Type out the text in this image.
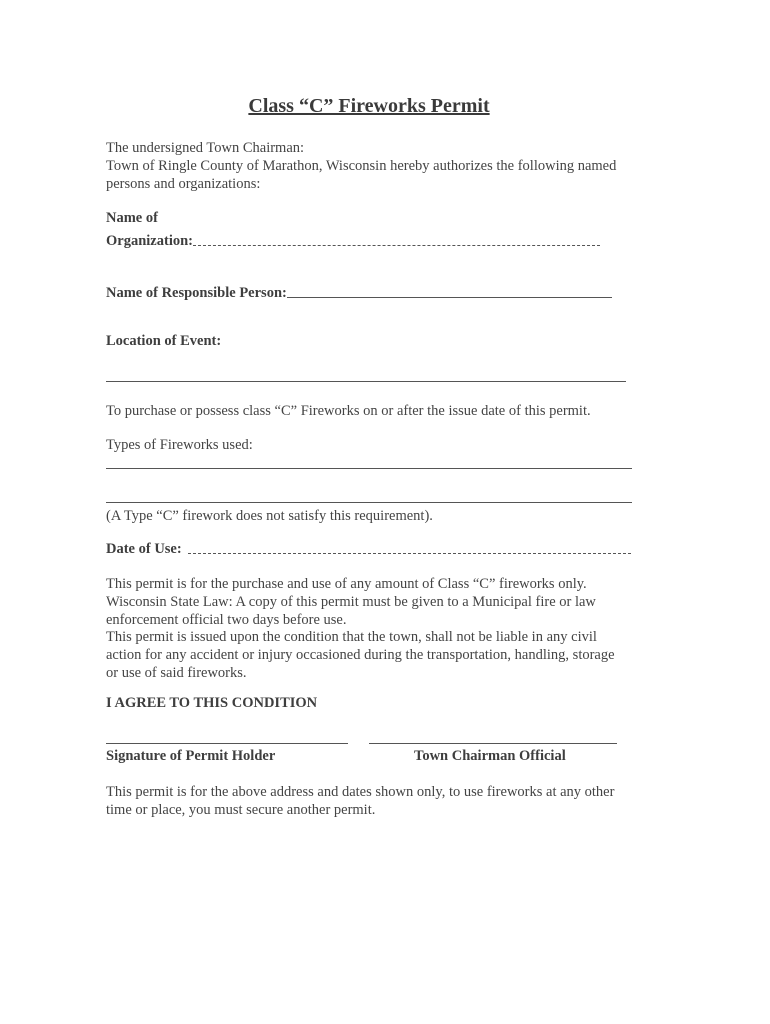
Class “C” Fireworks Permit
The undersigned Town Chairman:
Town of Ringle County of Marathon, Wisconsin hereby authorizes the following named
persons and organizations:
Name of
Organization:
Name of Responsible Person:
Location of Event:
To purchase or possess class “C” Fireworks on or after the issue date of this permit.
Types of Fireworks used:
(A Type “C” firework does not satisfy this requirement).
Date of Use:
This permit is for the purchase and use of any amount of Class “C” fireworks only.
Wisconsin State Law: A copy of this permit must be given to a Municipal fire or law
enforcement official two days before use.
This permit is issued upon the condition that the town, shall not be liable in any civil
action for any accident or injury occasioned during the transportation, handling, storage
or use of said fireworks.
I AGREE TO THIS CONDITION
Signature of Permit Holder	Town Chairman Official
This permit is for the above address and dates shown only, to use fireworks at any other
time or place, you must secure another permit.
